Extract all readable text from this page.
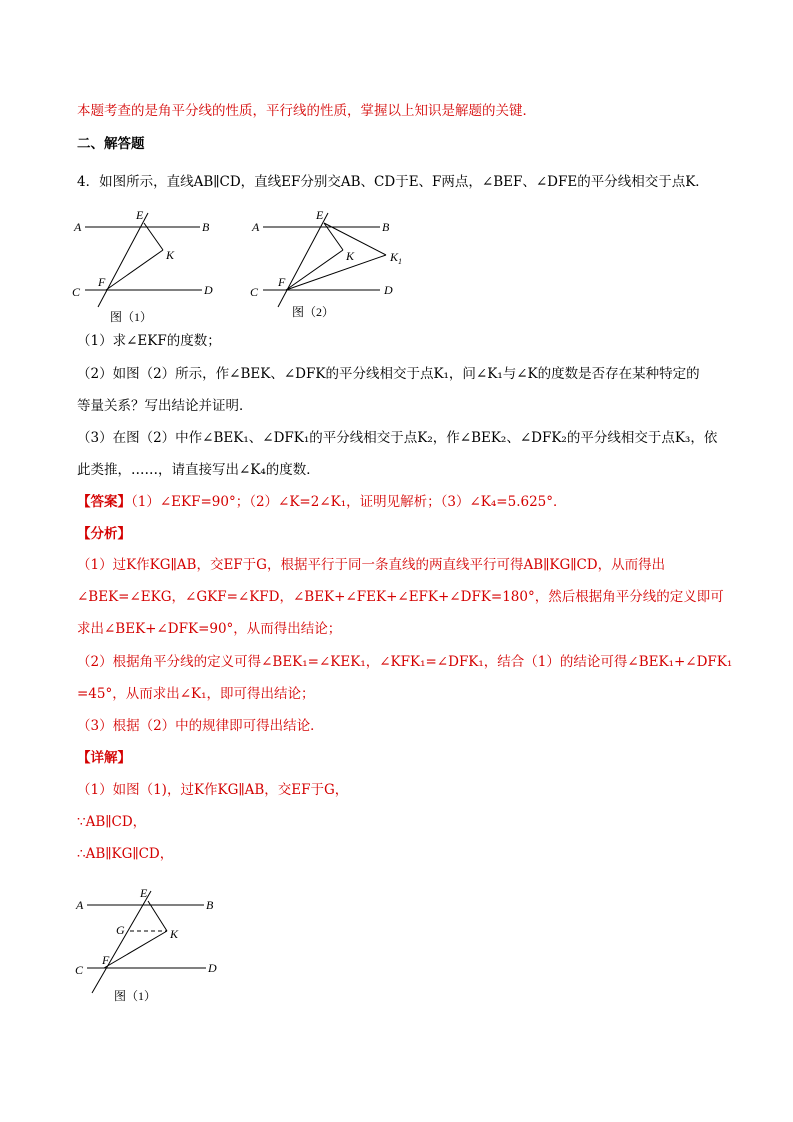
本题考查的是角平分线的性质，平行线的性质，掌握以上知识是解题的关键．
二、解答题
4．如图所示，直线AB∥CD，直线EF分别交AB、CD于E、F两点，∠BEF、∠DFE的平分线相交于点K．
A	B
E
K
F
C	D
图（1）
A	B
E
K	$K_1$
F
C	D
图（2）
（1）求∠EKF的度数；
（2）如图（2）所示，作∠BEK、∠DFK的平分线相交于点K₁，问∠K₁与∠K的度数是否存在某种特定的
等量关系？写出结论并证明．
（3）在图（2）中作∠BEK₁、∠DFK₁的平分线相交于点K₂，作∠BEK₂、∠DFK₂的平分线相交于点K₃，依
此类推，……，请直接写出∠K₄的度数．
【答案】（1）∠EKF=90°；（2）∠K=2∠K₁，证明见解析；（3）∠K₄=5.625°．
【分析】
（1）过K作KG∥AB，交EF于G，根据平行于同一条直线的两直线平行可得AB∥KG∥CD，从而得出
∠BEK=∠EKG，∠GKF=∠KFD，∠BEK+∠FEK+∠EFK+∠DFK=180°，然后根据角平分线的定义即可
求出∠BEK+∠DFK=90°，从而得出结论；
（2）根据角平分线的定义可得∠BEK₁=∠KEK₁，∠KFK₁=∠DFK₁，结合（1）的结论可得∠BEK₁+∠DFK₁
=45°，从而求出∠K₁，即可得出结论；
（3）根据（2）中的规律即可得出结论．
【详解】
（1）如图（1)，过K作KG∥AB，交EF于G，
∵AB∥CD，
∴AB∥KG∥CD，
A	B
E
G	K
F
C	D
图（1）
